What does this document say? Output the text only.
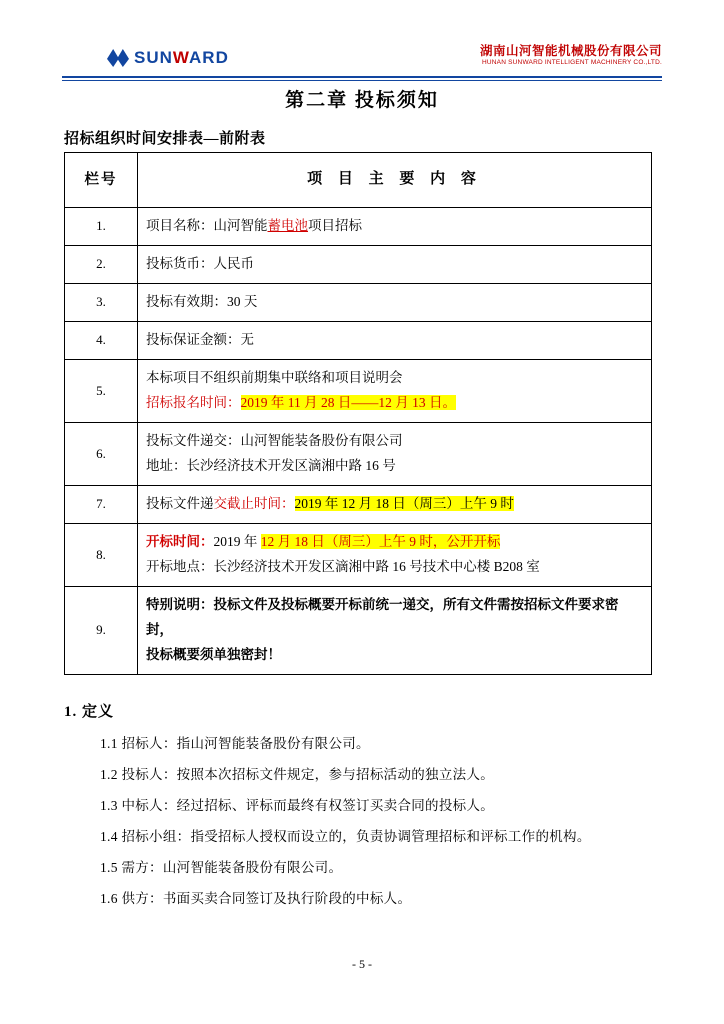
SUNWARD	湖南山河智能机械股份有限公司
HUNAN SUNWARD INTELLIGENT MACHINERY CO.,LTD.
第二章 投标须知
招标组织时间安排表—前附表
栏号	项 目 主 要 内 容
1.	项目名称：山河智能蓄电池项目招标

2.	投标货币：人民币

3.	投标有效期：30 天

4.	投标保证金额：无

5.	本标项目不组织前期集中联络和项目说明会
招标报名时间：2019 年 11 月 28 日——12 月 13 日。

6.	投标文件递交：山河智能装备股份有限公司
地址：长沙经济技术开发区滴湘中路 16 号

7.	投标文件递交截止时间：2019 年 12 月 18 日（周三）上午 9 时

8.	开标时间：2019 年 12 月 18 日（周三）上午 9 时，公开开标
开标地点：长沙经济技术开发区滴湘中路 16 号技术中心楼 B208 室

9.	特别说明：投标文件及投标概要开标前统一递交，所有文件需按招标文件要求密封，
投标概要须单独密封！
1. 定义
1.1 招标人：指山河智能装备股份有限公司。
1.2 投标人：按照本次招标文件规定，参与招标活动的独立法人。
1.3 中标人：经过招标、评标而最终有权签订买卖合同的投标人。
1.4 招标小组：指受招标人授权而设立的，负责协调管理招标和评标工作的机构。
1.5 需方：山河智能装备股份有限公司。
1.6 供方：书面买卖合同签订及执行阶段的中标人。
- 5 -
